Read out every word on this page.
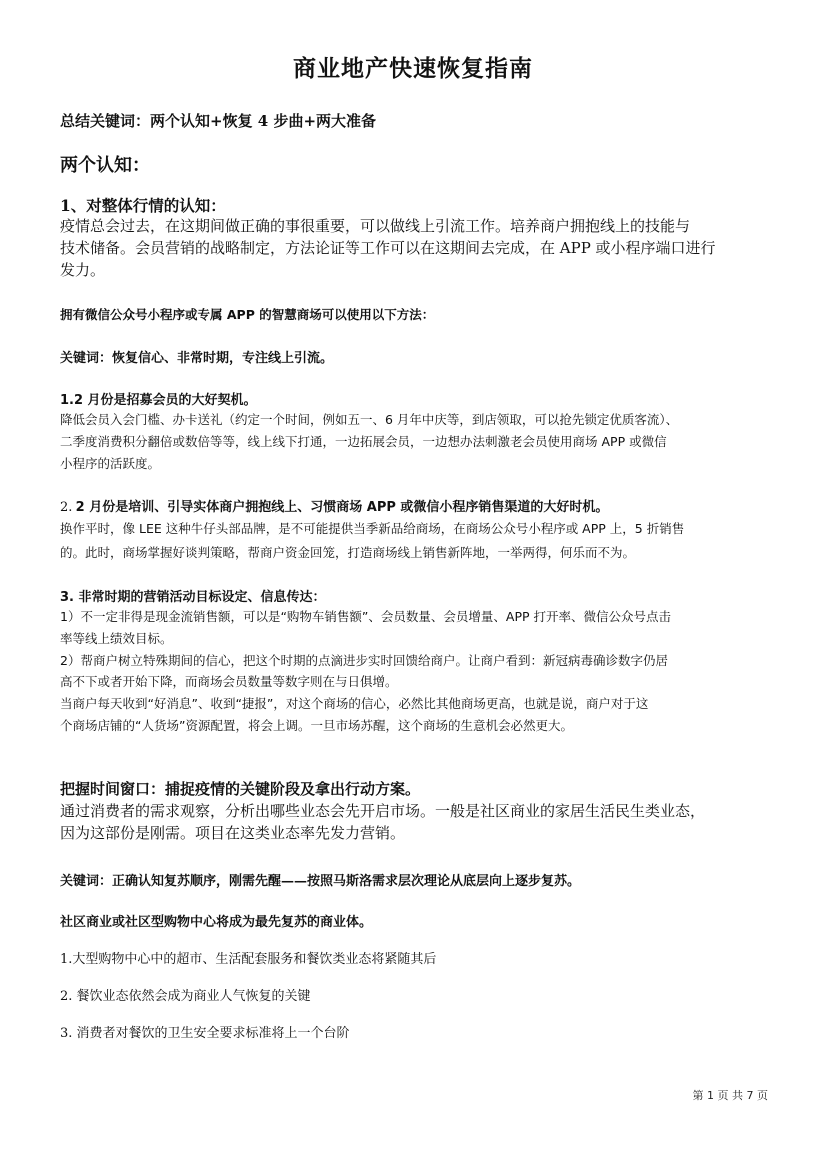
商业地产快速恢复指南
总结关键词：两个认知+恢复 4 步曲+两大准备
两个认知：
1、对整体行情的认知：
疫情总会过去，在这期间做正确的事很重要，可以做线上引流工作。培养商户拥抱线上的技能与
技术储备。会员营销的战略制定，方法论证等工作可以在这期间去完成，在 APP 或小程序端口进行
发力。
拥有微信公众号小程序或专属 APP 的智慧商场可以使用以下方法：
关键词：恢复信心、非常时期，专注线上引流。
1.2 月份是招募会员的大好契机。
降低会员入会门槛、办卡送礼（约定一个时间，例如五一、6 月年中庆等，到店领取，可以抢先锁定优质客流）、
二季度消费积分翻倍或数倍等等，线上线下打通，一边拓展会员，一边想办法刺激老会员使用商场 APP 或微信
小程序的活跃度。
2. 2 月份是培训、引导实体商户拥抱线上、习惯商场 APP 或微信小程序销售渠道的大好时机。
换作平时，像 LEE 这种牛仔头部品牌，是不可能提供当季新品给商场，在商场公众号小程序或 APP 上，5 折销售
的。此时，商场掌握好谈判策略，帮商户资金回笼，打造商场线上销售新阵地，一举两得，何乐而不为。
3. 非常时期的营销活动目标设定、信息传达：
1）不一定非得是现金流销售额，可以是“购物车销售额”、会员数量、会员增量、APP 打开率、微信公众号点击
率等线上绩效目标。
2）帮商户树立特殊期间的信心，把这个时期的点滴进步实时回馈给商户。让商户看到：新冠病毒确诊数字仍居
高不下或者开始下降，而商场会员数量等数字则在与日俱增。
当商户每天收到“好消息”、收到“捷报”，对这个商场的信心，必然比其他商场更高，也就是说，商户对于这
个商场店铺的“人货场”资源配置，将会上调。一旦市场苏醒，这个商场的生意机会必然更大。
把握时间窗口：捕捉疫情的关键阶段及拿出行动方案。
通过消费者的需求观察，分析出哪些业态会先开启市场。一般是社区商业的家居生活民生类业态，
因为这部份是刚需。项目在这类业态率先发力营销。
关键词：正确认知复苏顺序，刚需先醒——按照马斯洛需求层次理论从底层向上逐步复苏。
社区商业或社区型购物中心将成为最先复苏的商业体。
1.大型购物中心中的超市、生活配套服务和餐饮类业态将紧随其后
2. 餐饮业态依然会成为商业人气恢复的关键
3. 消费者对餐饮的卫生安全要求标准将上一个台阶
第 1 页 共 7 页
